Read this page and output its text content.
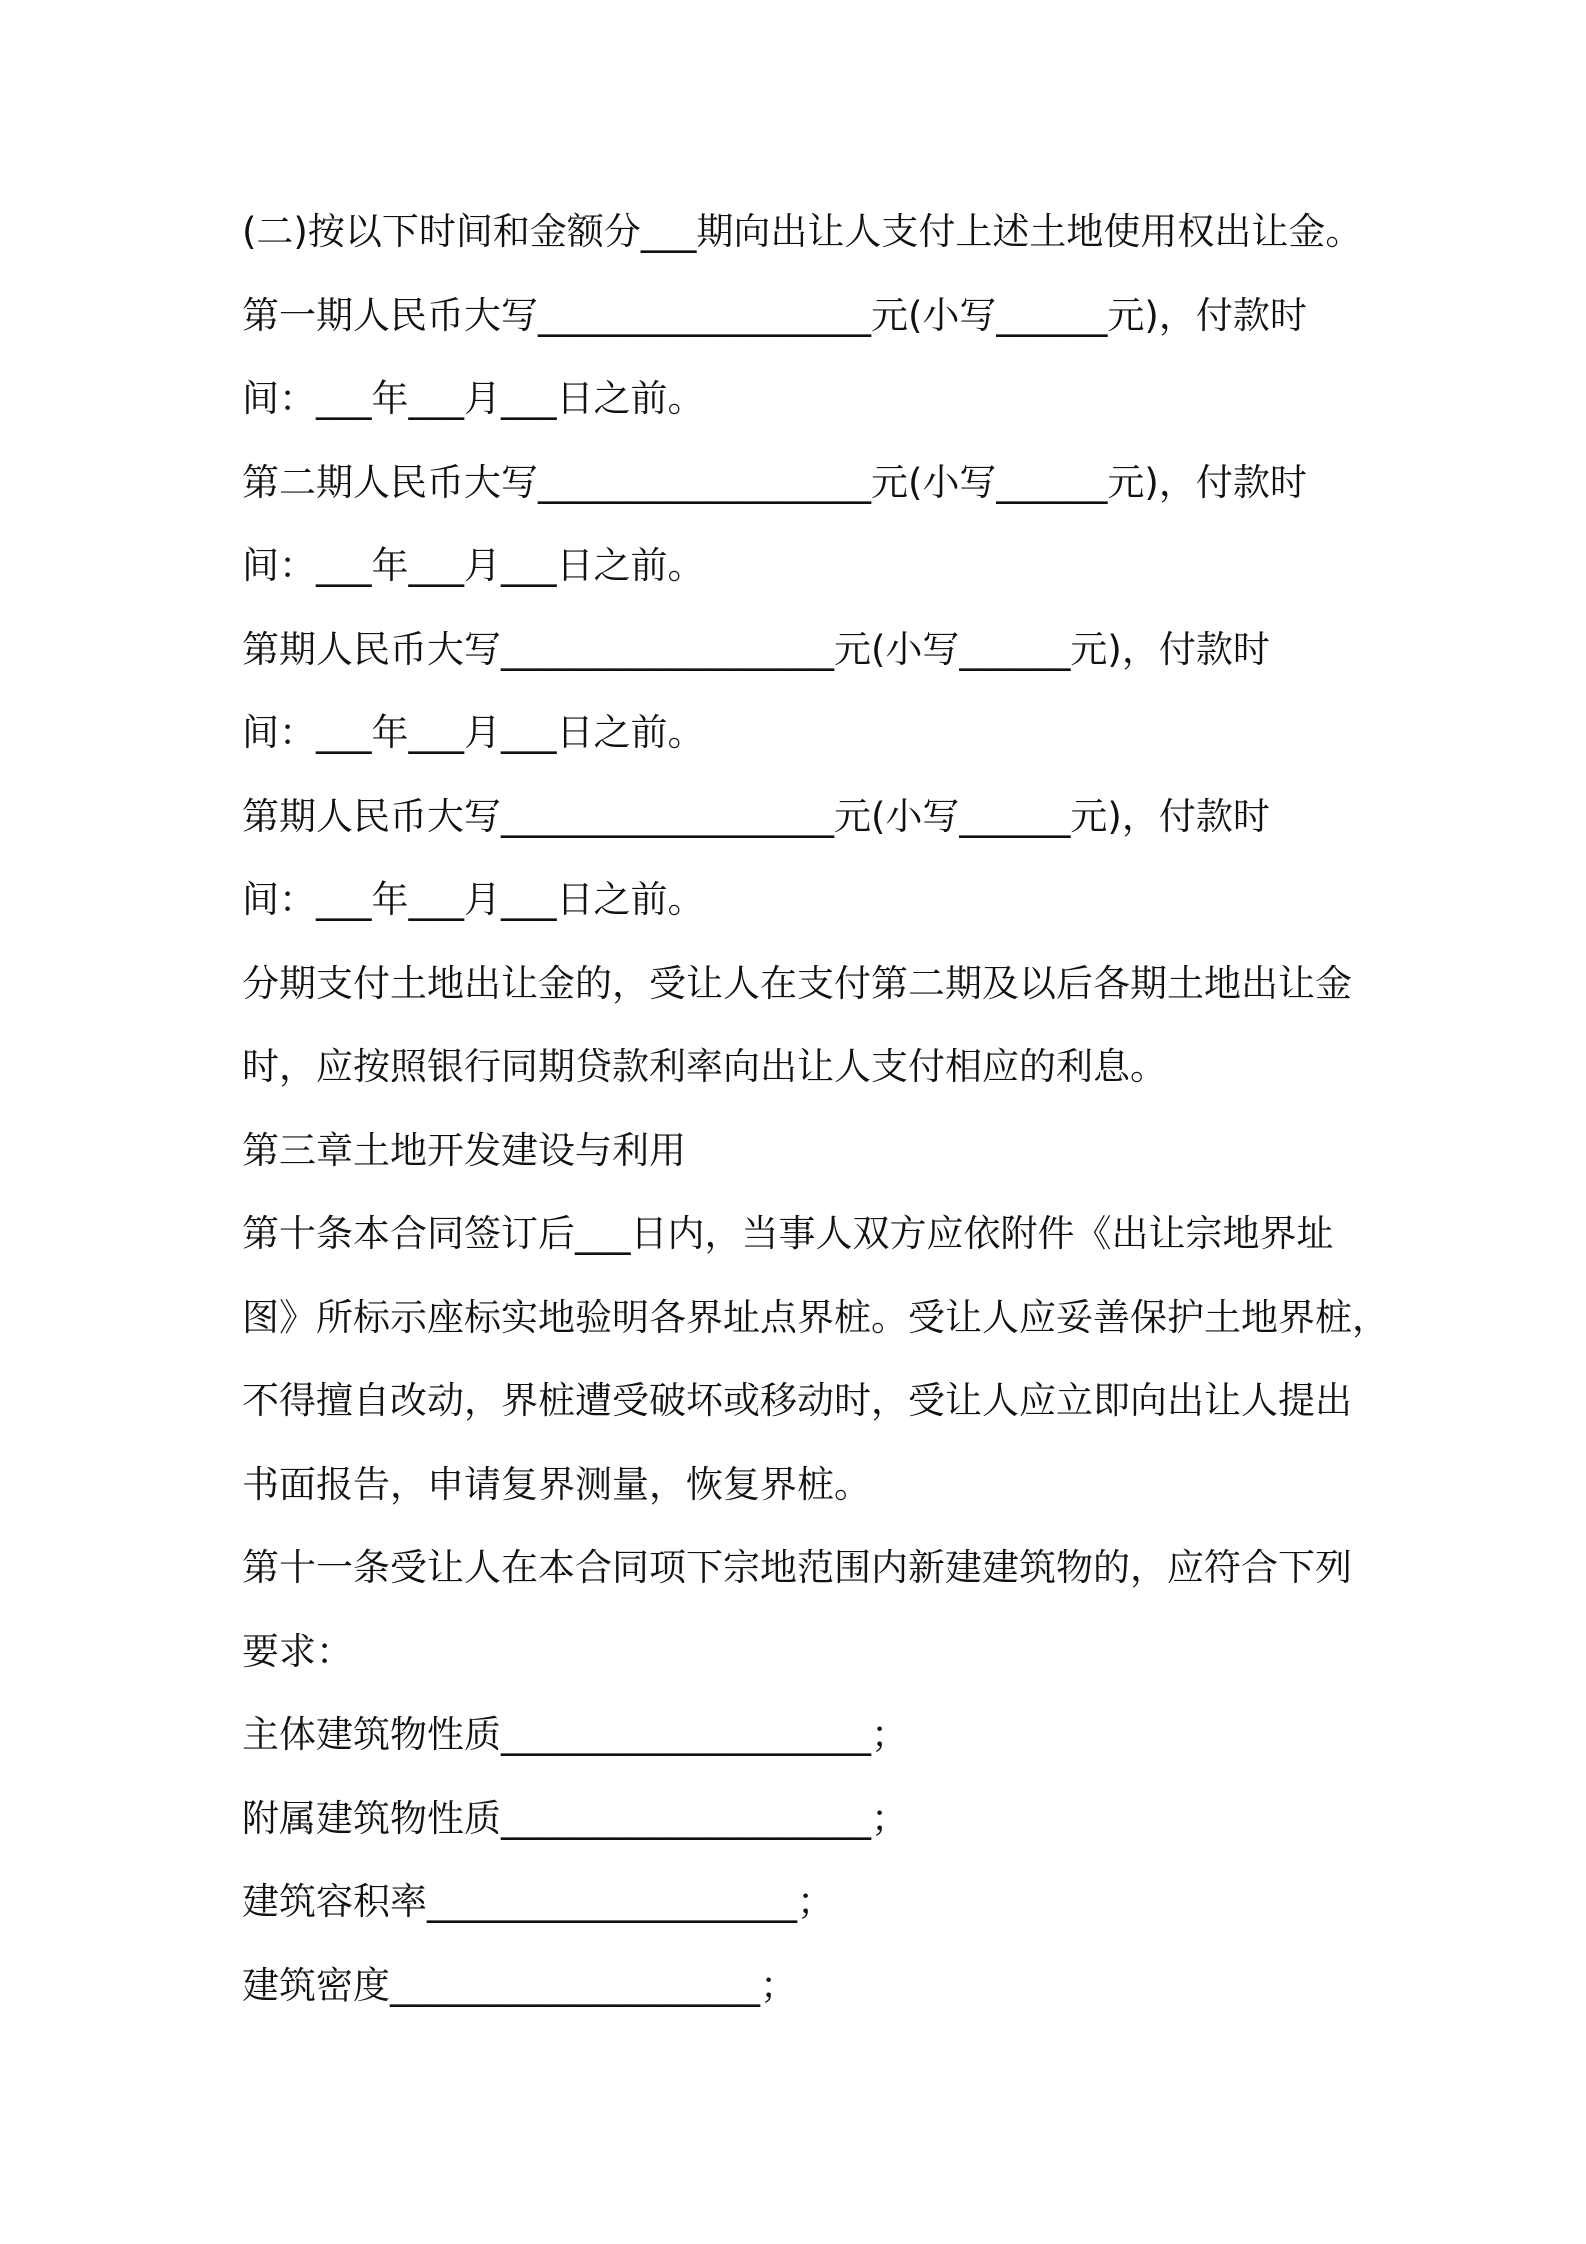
(二)按以下时间和金额分___期向出让人支付上述土地使用权出让金。
第一期人民币大写__________________元(小写______元)，付款时
间：___年___月___日之前。
第二期人民币大写__________________元(小写______元)，付款时
间：___年___月___日之前。
第期人民币大写__________________元(小写______元)，付款时
间：___年___月___日之前。
第期人民币大写__________________元(小写______元)，付款时
间：___年___月___日之前。
分期支付土地出让金的，受让人在支付第二期及以后各期土地出让金
时，应按照银行同期贷款利率向出让人支付相应的利息。
第三章土地开发建设与利用
第十条本合同签订后___日内，当事人双方应依附件《出让宗地界址
图》所标示座标实地验明各界址点界桩。受让人应妥善保护土地界桩，
不得擅自改动，界桩遭受破坏或移动时，受让人应立即向出让人提出
书面报告，申请复界测量，恢复界桩。
第十一条受让人在本合同项下宗地范围内新建建筑物的，应符合下列
要求：
主体建筑物性质____________________；
附属建筑物性质____________________；
建筑容积率____________________；
建筑密度____________________；
